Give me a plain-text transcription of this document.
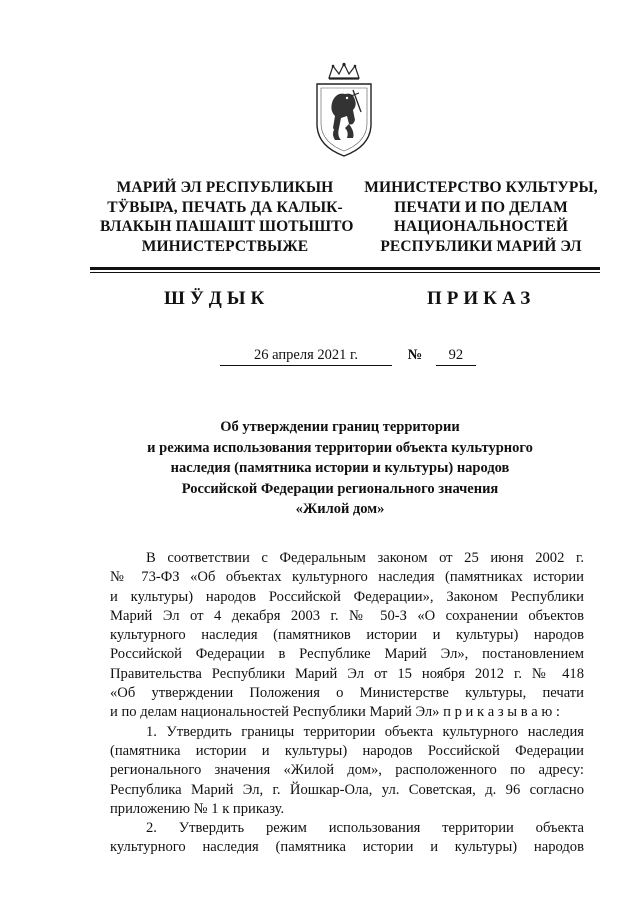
МАРИЙ ЭЛ РЕСПУБЛИКЫН
ТӰВЫРА, ПЕЧАТЬ ДА КАЛЫК-
ВЛАКЫН ПАШАШТ ШОТЫШТО
МИНИСТЕРСТВЫЖЕ
МИНИСТЕРСТВО КУЛЬТУРЫ,
ПЕЧАТИ И ПО ДЕЛАМ
НАЦИОНАЛЬНОСТЕЙ
РЕСПУБЛИКИ МАРИЙ ЭЛ
ШӰДЫК	ПРИКАЗ
26 апреля 2021 г.	№ 92
Об утверждении границ территории
и режима использования территории объекта культурного
наследия (памятника истории и культуры) народов
Российской Федерации регионального значения
«Жилой дом»
В соответствии с Федеральным законом от 25 июня 2002 г.
№ 73-ФЗ «Об объектах культурного наследия (памятниках истории
и культуры) народов Российской Федерации», Законом Республики
Марий Эл от 4 декабря 2003 г. № 50-З «О сохранении объектов
культурного наследия (памятников истории и культуры) народов
Российской Федерации в Республике Марий Эл», постановлением
Правительства Республики Марий Эл от 15 ноября 2012 г. № 418
«Об утверждении Положения о Министерстве культуры, печати
и по делам национальностей Республики Марий Эл» п р и к а з ы в а ю :
1. Утвердить границы территории объекта культурного наследия
(памятника истории и культуры) народов Российской Федерации
регионального значения «Жилой дом», расположенного по адресу:
Республика Марий Эл, г. Йошкар-Ола, ул. Советская, д. 96 согласно
приложению № 1 к приказу.
2. Утвердить режим использования территории объекта
культурного наследия (памятника истории и культуры) народов
